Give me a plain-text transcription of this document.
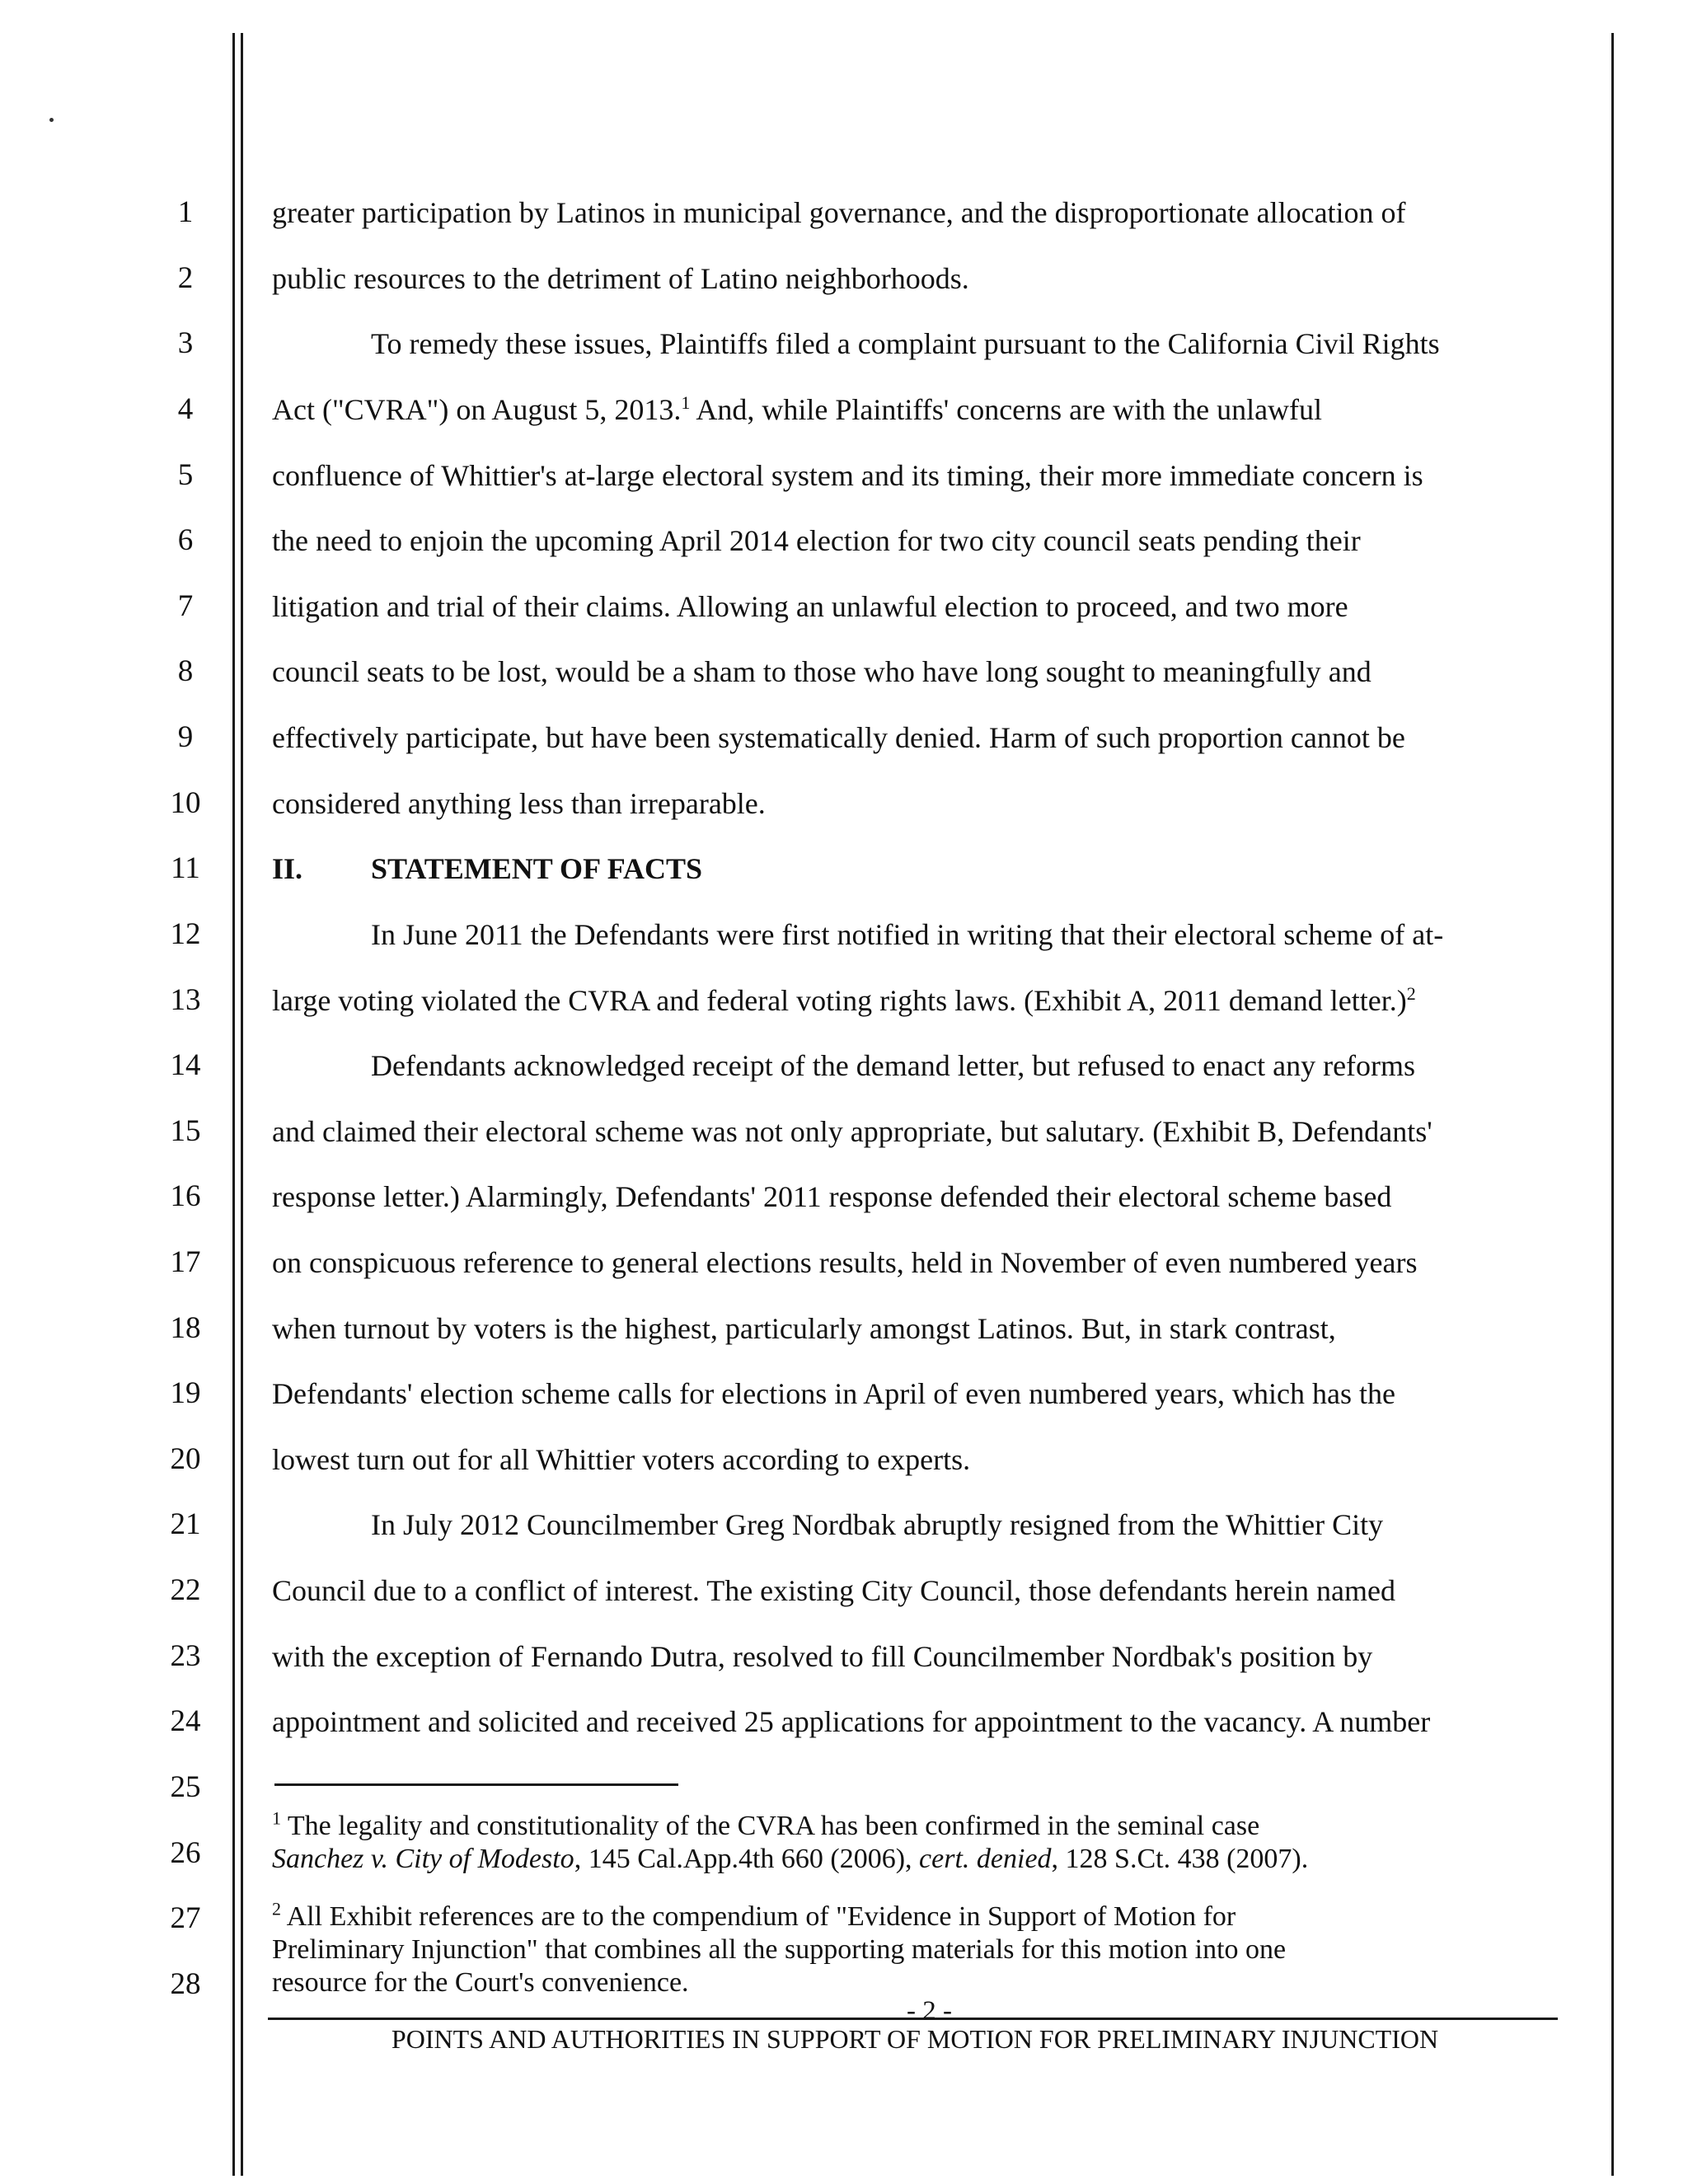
1
2
3
4
5
6
7
8
9
10
11
12
13
14
15
16
17
18
19
20
21
22
23
24
25
26
27
28
greater participation by Latinos in municipal governance, and the disproportionate allocation of
public resources to the detriment of Latino neighborhoods.
To remedy these issues, Plaintiffs filed a complaint pursuant to the California Civil Rights
Act ("CVRA") on August 5, 2013.$^1$ And, while Plaintiffs' concerns are with the unlawful
confluence of Whittier's at-large electoral system and its timing, their more immediate concern is
the need to enjoin the upcoming April 2014 election for two city council seats pending their
litigation and trial of their claims. Allowing an unlawful election to proceed, and two more
council seats to be lost, would be a sham to those who have long sought to meaningfully and
effectively participate, but have been systematically denied. Harm of such proportion cannot be
considered anything less than irreparable.
II. STATEMENT OF FACTS
In June 2011 the Defendants were first notified in writing that their electoral scheme of at-
large voting violated the CVRA and federal voting rights laws. (Exhibit A, 2011 demand letter.)$^2$
Defendants acknowledged receipt of the demand letter, but refused to enact any reforms
and claimed their electoral scheme was not only appropriate, but salutary. (Exhibit B, Defendants'
response letter.) Alarmingly, Defendants' 2011 response defended their electoral scheme based
on conspicuous reference to general elections results, held in November of even numbered years
when turnout by voters is the highest, particularly amongst Latinos. But, in stark contrast,
Defendants' election scheme calls for elections in April of even numbered years, which has the
lowest turn out for all Whittier voters according to experts.
In July 2012 Councilmember Greg Nordbak abruptly resigned from the Whittier City
Council due to a conflict of interest. The existing City Council, those defendants herein named
with the exception of Fernando Dutra, resolved to fill Councilmember Nordbak's position by
appointment and solicited and received 25 applications for appointment to the vacancy. A number
$^1$ The legality and constitutionality of the CVRA has been confirmed in the seminal case
Sanchez v. City of Modesto, 145 Cal.App.4th 660 (2006), cert. denied, 128 S.Ct. 438 (2007).
$^2$ All Exhibit references are to the compendium of "Evidence in Support of Motion for
Preliminary Injunction" that combines all the supporting materials for this motion into one
resource for the Court's convenience.
- 2 -
POINTS AND AUTHORITIES IN SUPPORT OF MOTION FOR PRELIMINARY INJUNCTION
